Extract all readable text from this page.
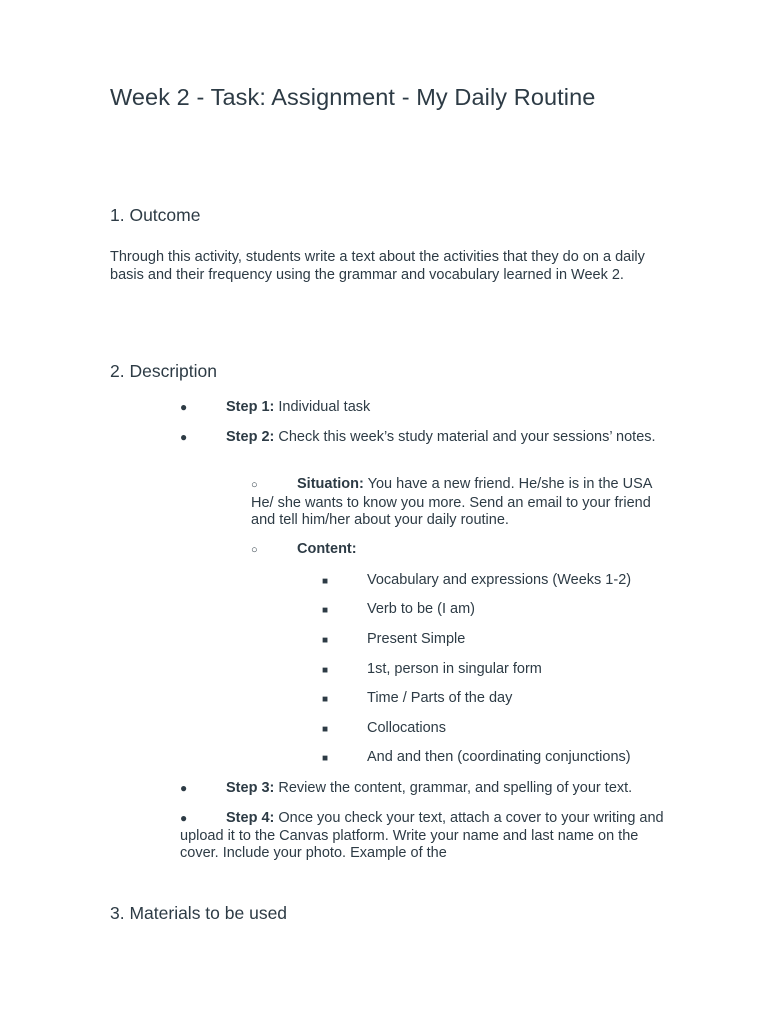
Week 2 - Task: Assignment - My Daily Routine
1. Outcome

Through this activity, students write a text about the activities that they do on a daily basis and their frequency using the grammar and vocabulary learned in Week 2.

2. Description

●	Step 1: Individual task

●	Step 2: Check this week’s study material and your sessions’ notes.

○	Situation: You have a new friend. He/she is in the USA He/ she wants to know you more. Send an email to your friend and tell him/her about your daily routine.

○	Content:

■	Vocabulary and expressions (Weeks 1-2)

■	Verb to be (I am)

■	Present Simple

■	1st, person in singular form

■	Time / Parts of the day

■	Collocations

■	And and then (coordinating conjunctions)

●	Step 3: Review the content, grammar, and spelling of your text.

●	Step 4: Once you check your text, attach a cover to your writing and upload it to the Canvas platform. Write your name and last name on the cover. Include your photo. Example of the

3. Materials to be used
